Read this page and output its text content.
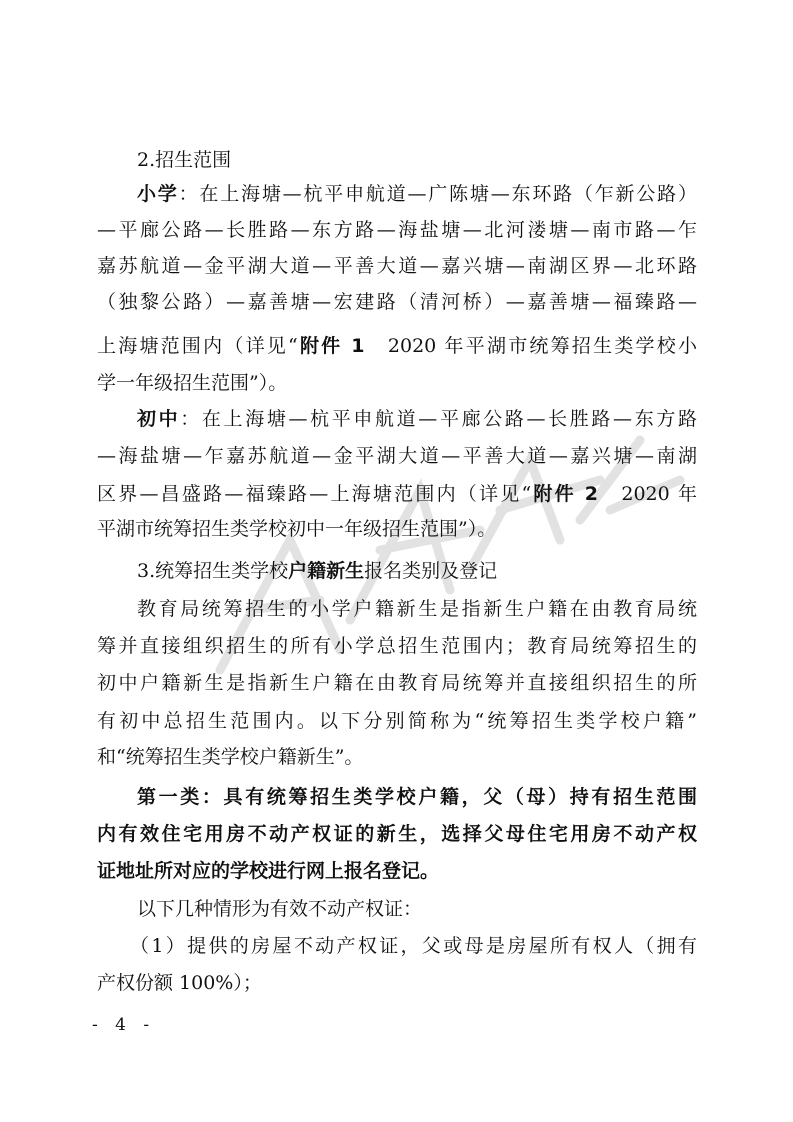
2.招生范围
小学：在上海塘—杭平申航道—广陈塘—东环路（乍新公路）
—平廊公路—长胜路—东方路—海盐塘—北河溇塘—南市路—乍
嘉苏航道—金平湖大道—平善大道—嘉兴塘—南湖区界—北环路
（独黎公路）—嘉善塘—宏建路（清河桥）—嘉善塘—福臻路—
上海塘范围内（详见“附件 1　2020 年平湖市统筹招生类学校小
学一年级招生范围”）。
初中：在上海塘—杭平申航道—平廊公路—长胜路—东方路
—海盐塘—乍嘉苏航道—金平湖大道—平善大道—嘉兴塘—南湖
区界—昌盛路—福臻路—上海塘范围内（详见“附件 2　2020 年
平湖市统筹招生类学校初中一年级招生范围”）。
3.统筹招生类学校户籍新生报名类别及登记
教育局统筹招生的小学户籍新生是指新生户籍在由教育局统
筹并直接组织招生的所有小学总招生范围内；教育局统筹招生的
初中户籍新生是指新生户籍在由教育局统筹并直接组织招生的所
有初中总招生范围内。以下分别简称为“统筹招生类学校户籍”
和“统筹招生类学校户籍新生”。
第一类：具有统筹招生类学校户籍，父（母）持有招生范围
内有效住宅用房不动产权证的新生，选择父母住宅用房不动产权
证地址所对应的学校进行网上报名登记。
以下几种情形为有效不动产权证：
（1）提供的房屋不动产权证，父或母是房屋所有权人（拥有
产权份额 100%）；
- 4 -
